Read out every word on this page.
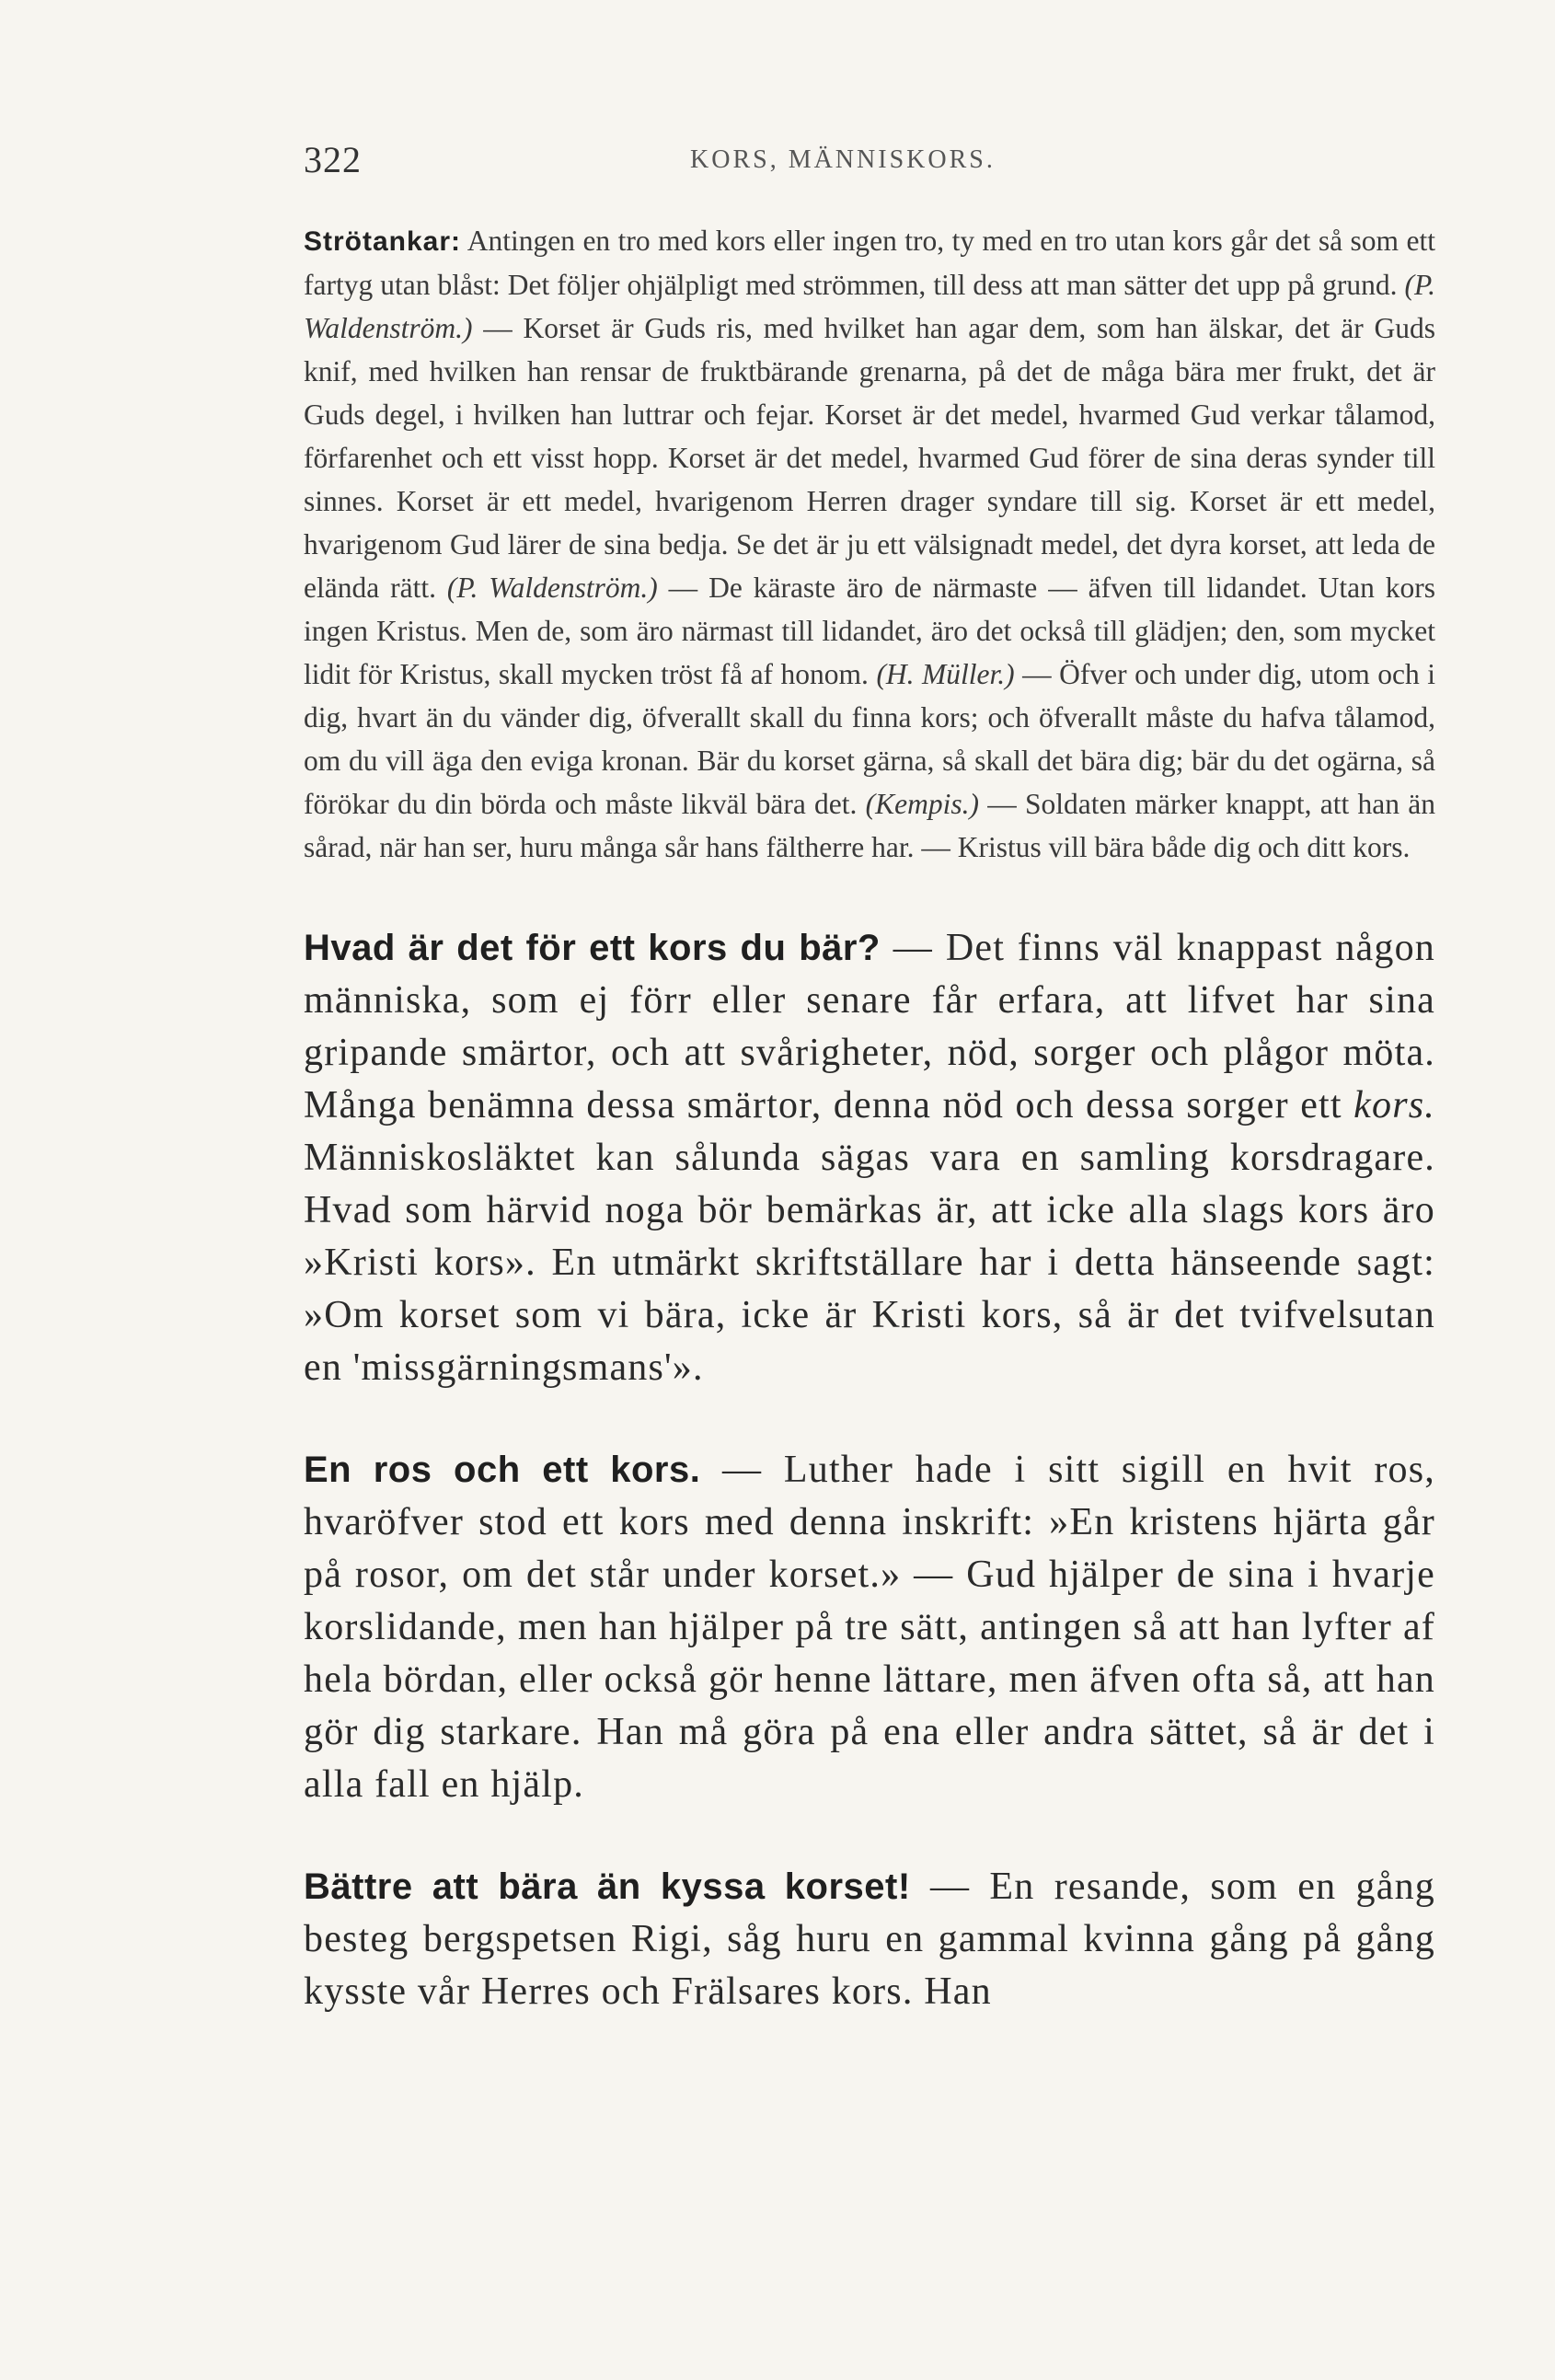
322	KORS, MÄNNISKORS.

Strötankar: Antingen en tro med kors eller ingen tro, ty med en tro utan kors går det så som ett fartyg utan blåst: Det följer ohjälpligt med strömmen, till dess att man sätter det upp på grund. (P. Waldenström.) — Korset är Guds ris, med hvilket han agar dem, som han älskar, det är Guds knif, med hvilken han rensar de fruktbärande grenarna, på det de måga bära mer frukt, det är Guds degel, i hvilken han luttrar och fejar. Korset är det medel, hvarmed Gud verkar tålamod, förfarenhet och ett visst hopp. Korset är det medel, hvarmed Gud förer de sina deras synder till sinnes. Korset är ett medel, hvarigenom Herren drager syndare till sig. Korset är ett medel, hvarigenom Gud lärer de sina bedja. Se det är ju ett välsignadt medel, det dyra korset, att leda de elända rätt. (P. Waldenström.) — De käraste äro de närmaste — äfven till lidandet. Utan kors ingen Kristus. Men de, som äro närmast till lidandet, äro det också till glädjen; den, som mycket lidit för Kristus, skall mycken tröst få af honom. (H. Müller.) — Öfver och under dig, utom och i dig, hvart än du vänder dig, öfverallt skall du finna kors; och öfverallt måste du hafva tålamod, om du vill äga den eviga kronan. Bär du korset gärna, så skall det bära dig; bär du det ogärna, så förökar du din börda och måste likväl bära det. (Kempis.) — Soldaten märker knappt, att han än sårad, när han ser, huru många sår hans fältherre har. — Kristus vill bära både dig och ditt kors.

Hvad är det för ett kors du bär? — Det finns väl knappast någon människa, som ej förr eller senare får erfara, att lifvet har sina gripande smärtor, och att svårigheter, nöd, sorger och plågor möta. Många benämna dessa smärtor, denna nöd och dessa sorger ett kors. Människosläktet kan sålunda sägas vara en samling korsdragare. Hvad som härvid noga bör bemärkas är, att icke alla slags kors äro »Kristi kors». En utmärkt skriftställare har i detta hänseende sagt: »Om korset som vi bära, icke är Kristi kors, så är det tvifvelsutan en 'missgärningsmans'».

En ros och ett kors. — Luther hade i sitt sigill en hvit ros, hvaröfver stod ett kors med denna inskrift: »En kristens hjärta går på rosor, om det står under korset.» — Gud hjälper de sina i hvarje korslidande, men han hjälper på tre sätt, antingen så att han lyfter af hela bördan, eller också gör henne lättare, men äfven ofta så, att han gör dig starkare. Han må göra på ena eller andra sättet, så är det i alla fall en hjälp.

Bättre att bära än kyssa korset! — En resande, som en gång besteg bergspetsen Rigi, såg huru en gammal kvinna gång på gång kysste vår Herres och Frälsares kors. Han
